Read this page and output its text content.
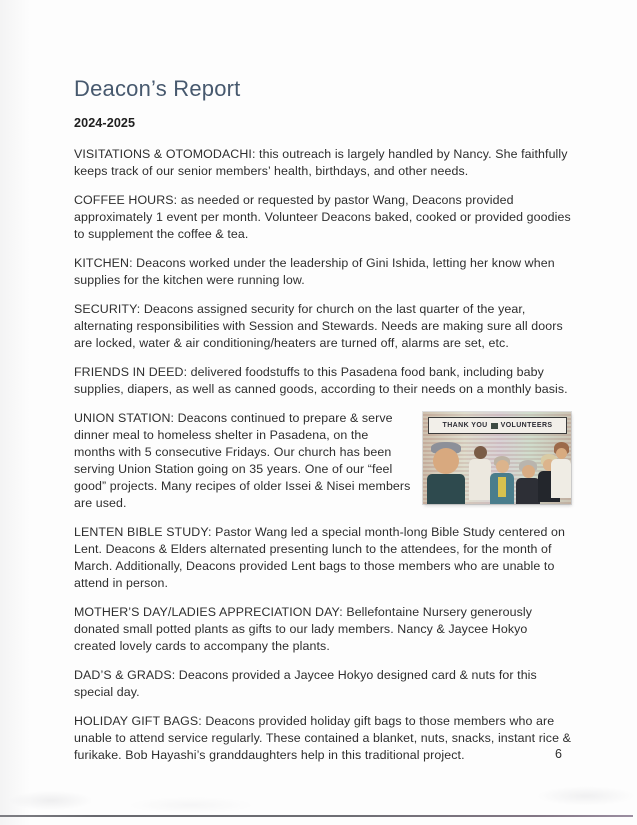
Deacon’s Report
2024-2025

VISITATIONS & OTOMODACHI: this outreach is largely handled by Nancy. She faithfully keeps track of our senior members’ health, birthdays, and other needs.

COFFEE HOURS: as needed or requested by pastor Wang, Deacons provided approximately 1 event per month. Volunteer Deacons baked, cooked or provided goodies to supplement the coffee & tea.

KITCHEN: Deacons worked under the leadership of Gini Ishida, letting her know when supplies for the kitchen were running low.

SECURITY: Deacons assigned security for church on the last quarter of the year, alternating responsibilities with Session and Stewards. Needs are making sure all doors are locked, water & air conditioning/heaters are turned off, alarms are set, etc.

FRIENDS IN DEED: delivered foodstuffs to this Pasadena food bank, including baby supplies, diapers, as well as canned goods, according to their needs on a monthly basis.

THANK YOU VOLUNTEERS
UNION STATION: Deacons continued to prepare & serve dinner meal to homeless shelter in Pasadena, on the months with 5 consecutive Fridays. Our church has been serving Union Station going on 35 years. One of our “feel good” projects. Many recipes of older Issei & Nisei members are used.

LENTEN BIBLE STUDY: Pastor Wang led a special month-long Bible Study centered on Lent. Deacons & Elders alternated presenting lunch to the attendees, for the month of March. Additionally, Deacons provided Lent bags to those members who are unable to attend in person.

MOTHER’S DAY/LADIES APPRECIATION DAY: Bellefontaine Nursery generously donated small potted plants as gifts to our lady members. Nancy & Jaycee Hokyo created lovely cards to accompany the plants.

DAD’S & GRADS: Deacons provided a Jaycee Hokyo designed card & nuts for this special day.

HOLIDAY GIFT BAGS: Deacons provided holiday gift bags to those members who are unable to attend service regularly. These contained a blanket, nuts, snacks, instant rice & furikake. Bob Hayashi’s granddaughters help in this traditional project.	6
